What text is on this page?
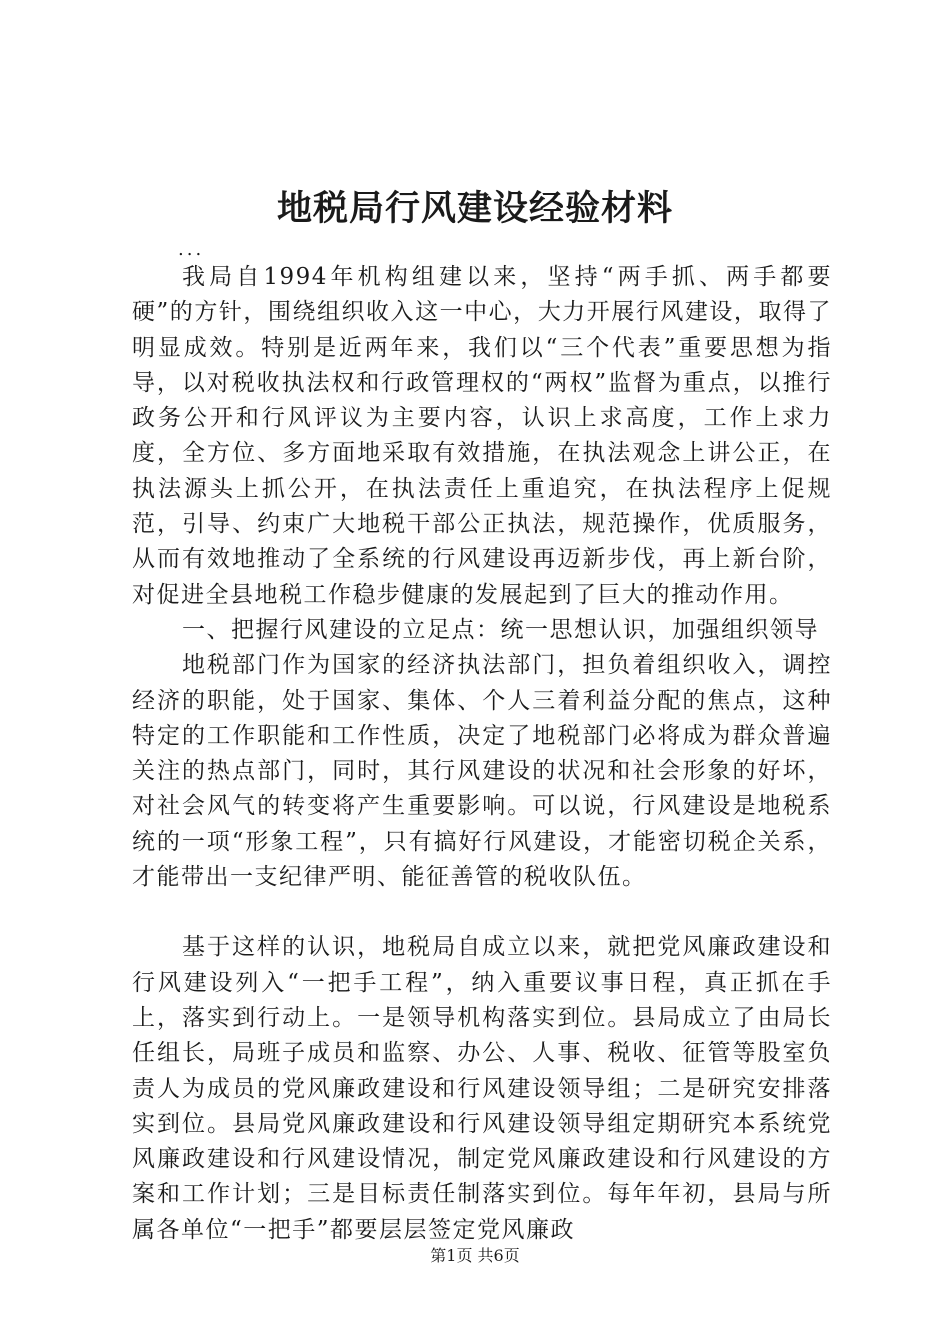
地税局行风建设经验材料
...

我局自1994年机构组建以来，坚持“两手抓、两手都要硬”的方针，围绕组织收入这一中心，大力开展行风建设，取得了明显成效。特别是近两年来，我们以“三个代表”重要思想为指导，以对税收执法权和行政管理权的“两权”监督为重点，以推行政务公开和行风评议为主要内容，认识上求高度，工作上求力度，全方位、多方面地采取有效措施，在执法观念上讲公正，在执法源头上抓公开，在执法责任上重追究，在执法程序上促规范，引导、约束广大地税干部公正执法，规范操作，优质服务，从而有效地推动了全系统的行风建设再迈新步伐，再上新台阶，对促进全县地税工作稳步健康的发展起到了巨大的推动作用。

一、把握行风建设的立足点：统一思想认识，加强组织领导

地税部门作为国家的经济执法部门，担负着组织收入，调控经济的职能，处于国家、集体、个人三着利益分配的焦点，这种特定的工作职能和工作性质，决定了地税部门必将成为群众普遍关注的热点部门，同时，其行风建设的状况和社会形象的好坏，对社会风气的转变将产生重要影响。可以说，行风建设是地税系统的一项“形象工程”，只有搞好行风建设，才能密切税企关系，才能带出一支纪律严明、能征善管的税收队伍。

基于这样的认识，地税局自成立以来，就把党风廉政建设和行风建设列入“一把手工程”，纳入重要议事日程，真正抓在手上，落实到行动上。一是领导机构落实到位。县局成立了由局长任组长，局班子成员和监察、办公、人事、税收、征管等股室负责人为成员的党风廉政建设和行风建设领导组；二是研究安排落实到位。县局党风廉政建设和行风建设领导组定期研究本系统党风廉政建设和行风建设情况，制定党风廉政建设和行风建设的方案和工作计划；三是目标责任制落实到位。每年年初，县局与所属各单位“一把手”都要层层签定党风廉政

第1页 共6页
